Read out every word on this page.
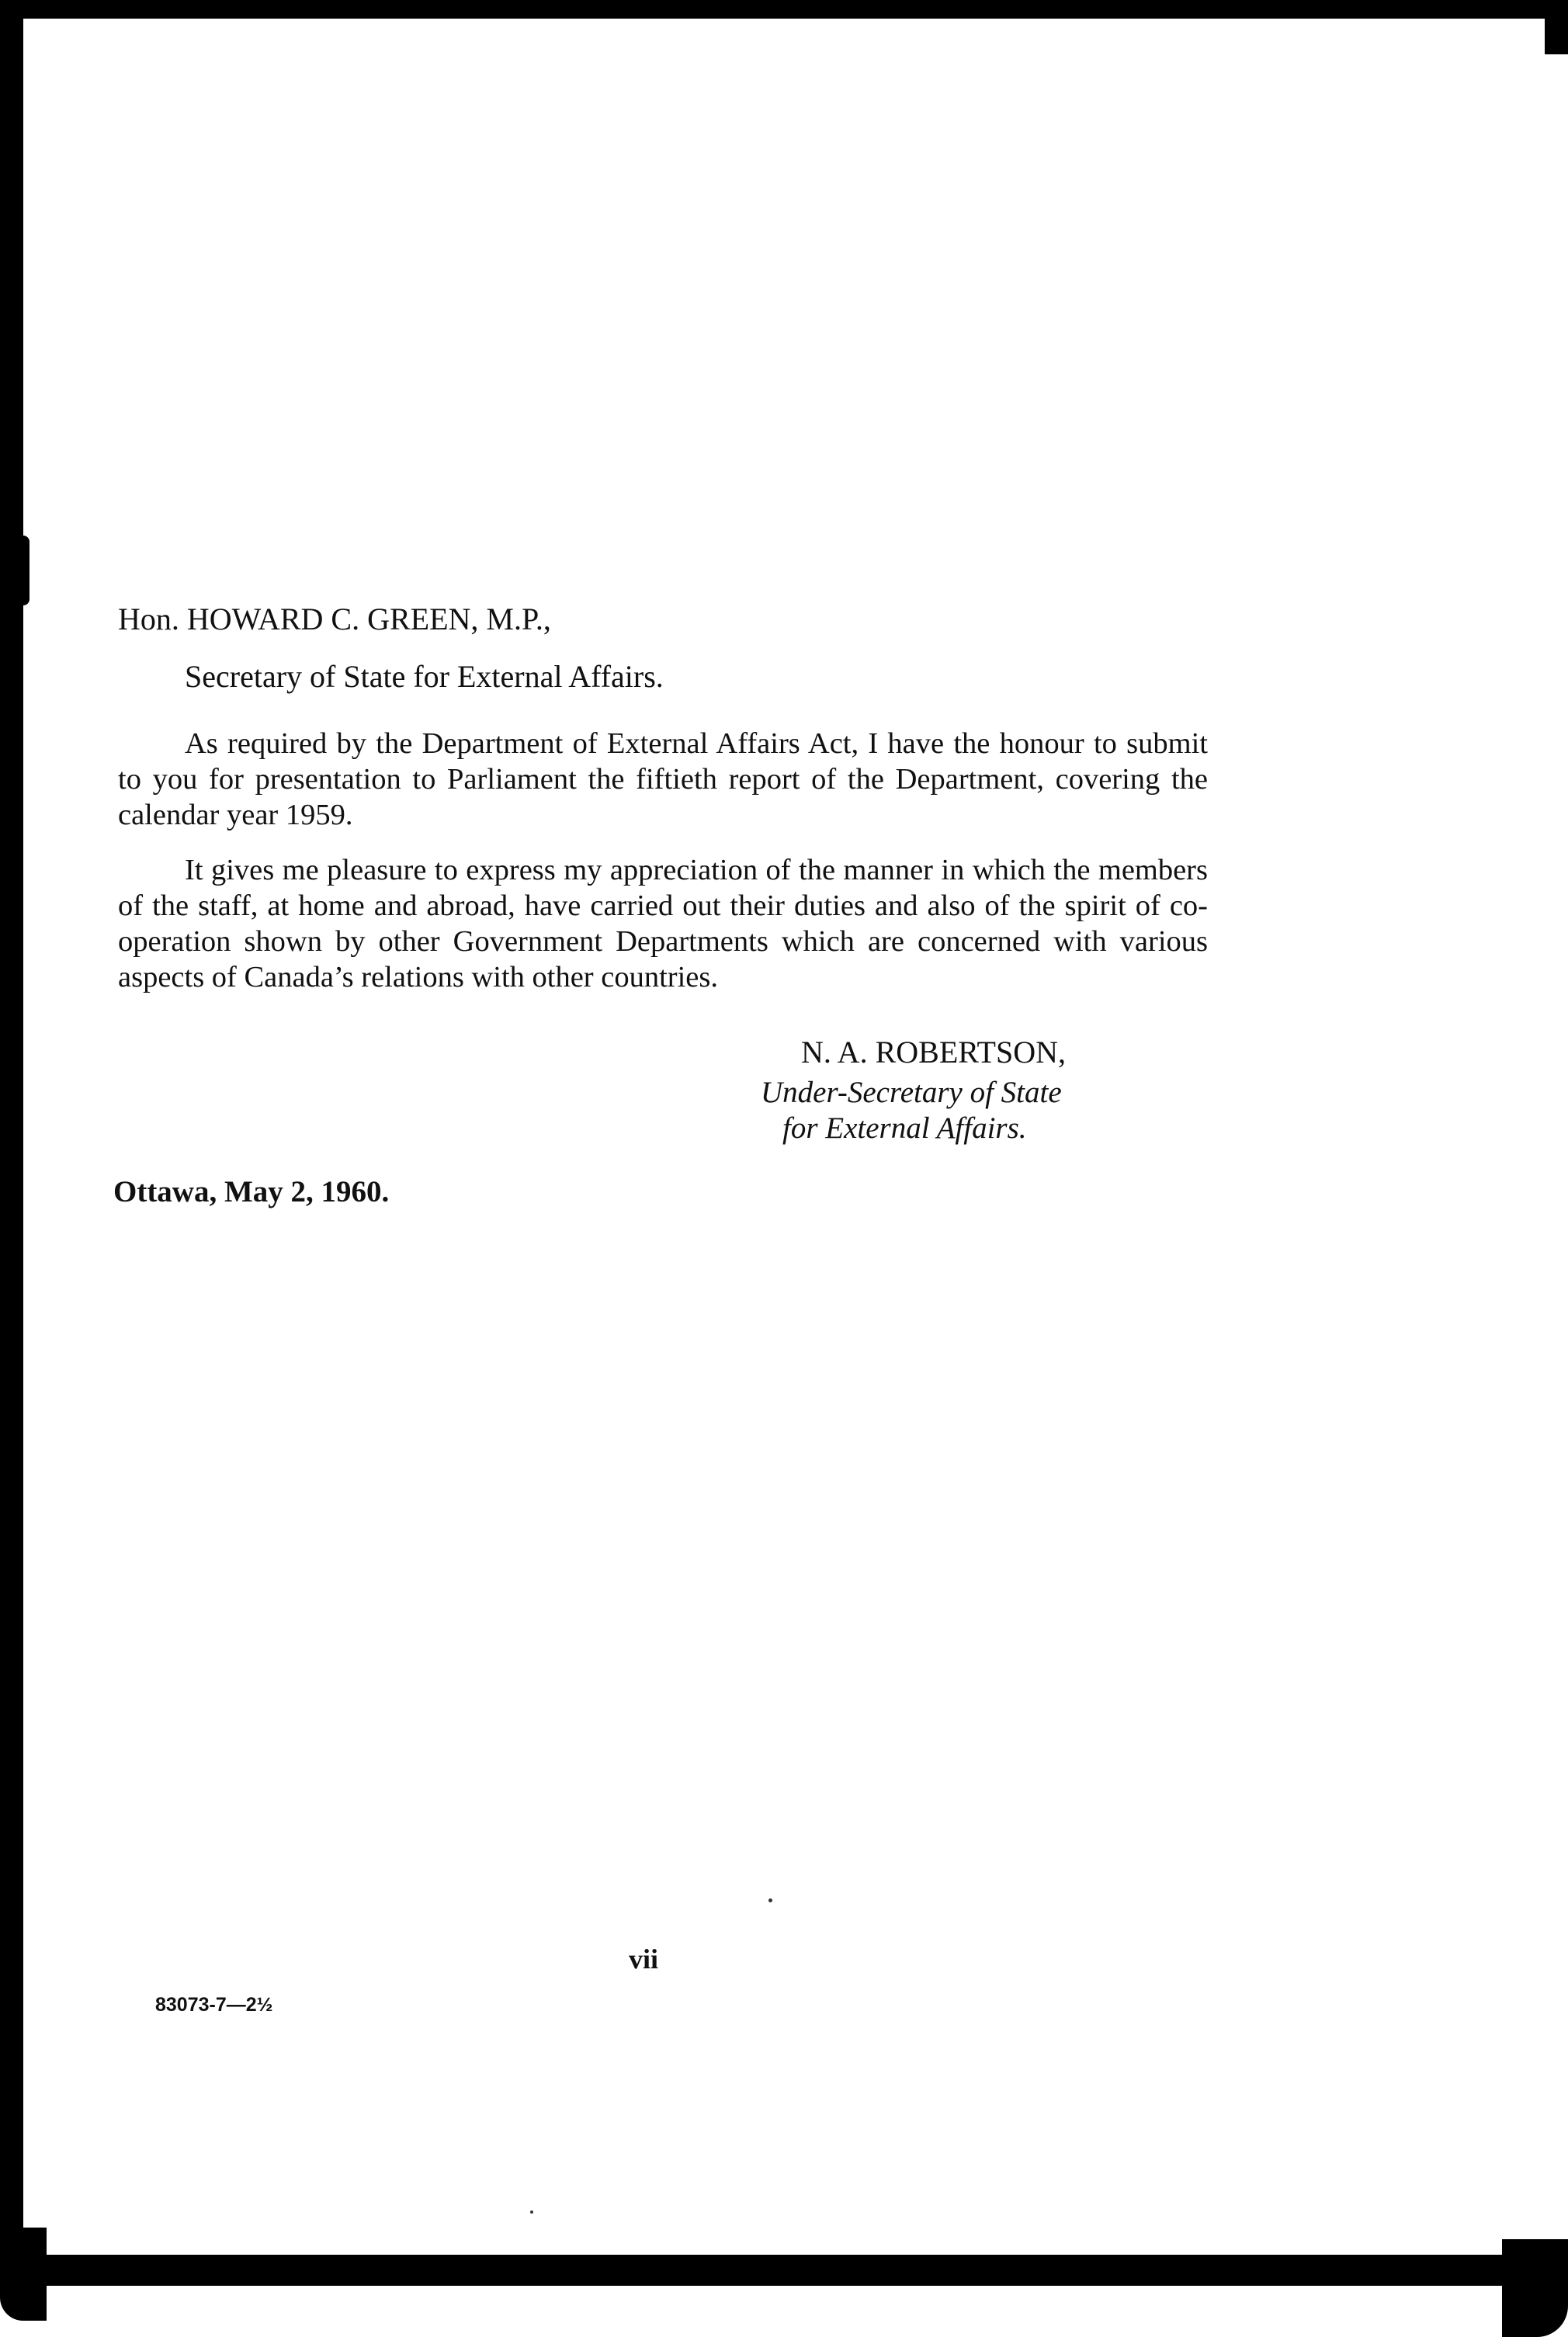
Hon. HOWARD C. GREEN, M.P.,
Secretary of State for External Affairs.

As required by the Department of External Affairs Act, I have the honour to submit to you for presentation to Parliament the fiftieth report of the Department, covering the calendar year 1959.

It gives me pleasure to express my appreciation of the manner in which the members of the staff, at home and abroad, have carried out their duties and also of the spirit of co-operation shown by other Government Departments which are concerned with various aspects of Canada’s relations with other countries.

N. A. ROBERTSON,
Under-Secretary of State
for External Affairs.
Ottawa, May 2, 1960.
vii
83073-7—2½
